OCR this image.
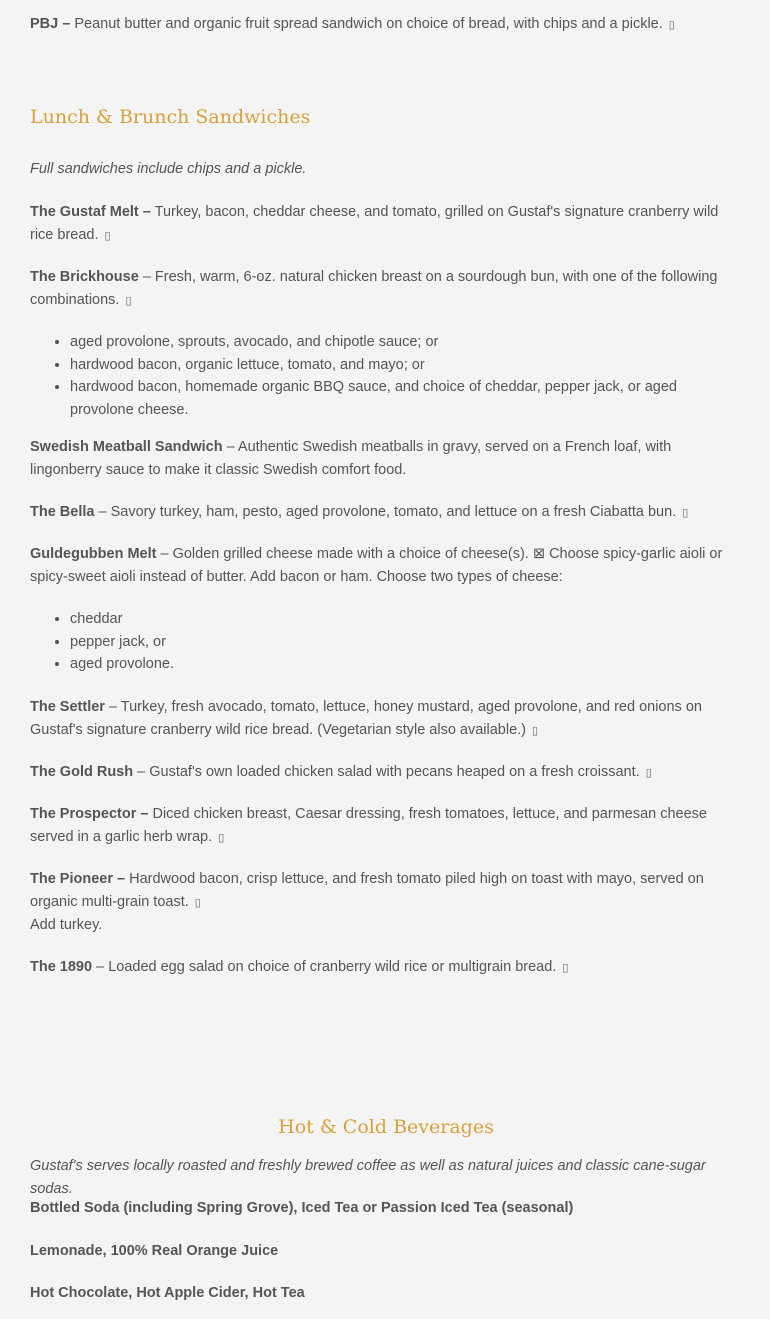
PBJ – Peanut butter and organic fruit spread sandwich on choice of bread, with chips and a pickle. ▯

Lunch & Brunch Sandwiches

Full sandwiches include chips and a pickle.

The Gustaf Melt – Turkey, bacon, cheddar cheese, and tomato, grilled on Gustaf's signature cranberry wild rice bread. ▯

The Brickhouse – Fresh, warm, 6-oz. natural chicken breast on a sourdough bun, with one of the following combinations. ▯

• aged provolone, sprouts, avocado, and chipotle sauce; or
• hardwood bacon, organic lettuce, tomato, and mayo; or
• hardwood bacon, homemade organic BBQ sauce, and choice of cheddar, pepper jack, or aged provolone cheese.

Swedish Meatball Sandwich – Authentic Swedish meatballs in gravy, served on a French loaf, with lingonberry sauce to make it classic Swedish comfort food.

The Bella – Savory turkey, ham, pesto, aged provolone, tomato, and lettuce on a fresh Ciabatta bun. ▯

Guldegubben Melt – Golden grilled cheese made with a choice of cheese(s). ⊠ Choose spicy-garlic aioli or spicy-sweet aioli instead of butter. Add bacon or ham. Choose two types of cheese:

• cheddar
• pepper jack, or
• aged provolone.

The Settler – Turkey, fresh avocado, tomato, lettuce, honey mustard, aged provolone, and red onions on Gustaf's signature cranberry wild rice bread. (Vegetarian style also available.) ▯

The Gold Rush – Gustaf's own loaded chicken salad with pecans heaped on a fresh croissant. ▯

The Prospector – Diced chicken breast, Caesar dressing, fresh tomatoes, lettuce, and parmesan cheese served in a garlic herb wrap. ▯

The Pioneer – Hardwood bacon, crisp lettuce, and fresh tomato piled high on toast with mayo, served on organic multi-grain toast. ▯
Add turkey.

The 1890 – Loaded egg salad on choice of cranberry wild rice or multigrain bread. ▯

Hot & Cold Beverages

Gustaf's serves locally roasted and freshly brewed coffee as well as natural juices and classic cane-sugar sodas.

Bottled Soda (including Spring Grove), Iced Tea or Passion Iced Tea (seasonal)

Lemonade, 100% Real Orange Juice

Hot Chocolate, Hot Apple Cider, Hot Tea
